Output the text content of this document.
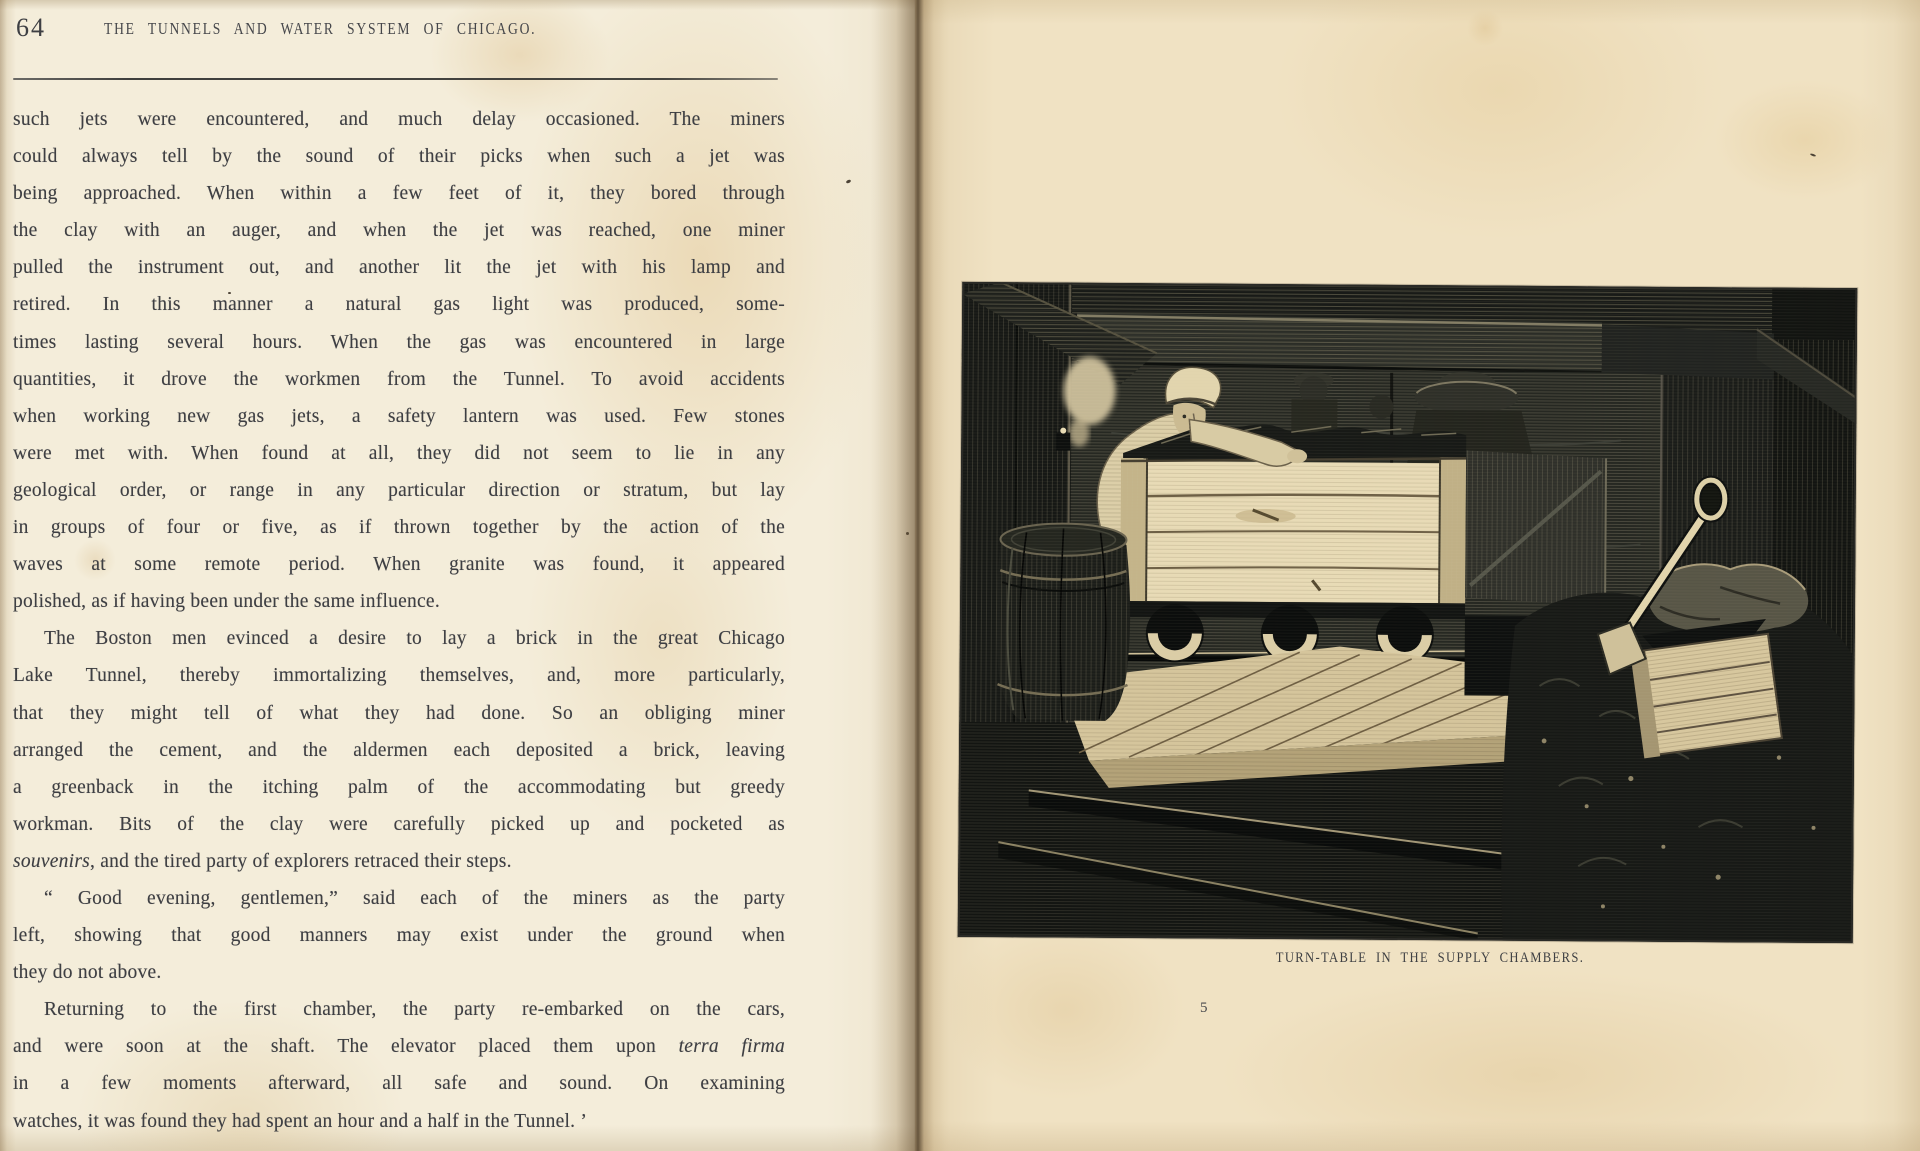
64	THE TUNNELS AND WATER SYSTEM OF CHICAGO.
such jets were encountered, and much delay occasioned. The miners
could always tell by the sound of their picks when such a jet was
being approached. When within a few feet of it, they bored through
the clay with an auger, and when the jet was reached, one miner
pulled the instrument out, and another lit the jet with his lamp and
retired. In this manner a natural gas light was produced, some-
times lasting several hours. When the gas was encountered in large
quantities, it drove the workmen from the Tunnel. To avoid accidents
when working new gas jets, a safety lantern was used. Few stones
were met with. When found at all, they did not seem to lie in any
geological order, or range in any particular direction or stratum, but lay
in groups of four or five, as if thrown together by the action of the
waves at some remote period. When granite was found, it appeared
polished, as if having been under the same influence.
The Boston men evinced a desire to lay a brick in the great Chicago
Lake Tunnel, thereby immortalizing themselves, and, more particularly,
that they might tell of what they had done. So an obliging miner
arranged the cement, and the aldermen each deposited a brick, leaving
a greenback in the itching palm of the accommodating but greedy
workman. Bits of the clay were carefully picked up and pocketed as
souvenirs, and the tired party of explorers retraced their steps.
“ Good evening, gentlemen,” said each of the miners as the party
left, showing that good manners may exist under the ground when
they do not above.
Returning to the first chamber, the party re-embarked on the cars,
and were soon at the shaft. The elevator placed them upon terra firma
in a few moments afterward, all safe and sound. On examining
watches, it was found they had spent an hour and a half in the Tunnel. ’
TURN-TABLE IN THE SUPPLY CHAMBERS.
5
